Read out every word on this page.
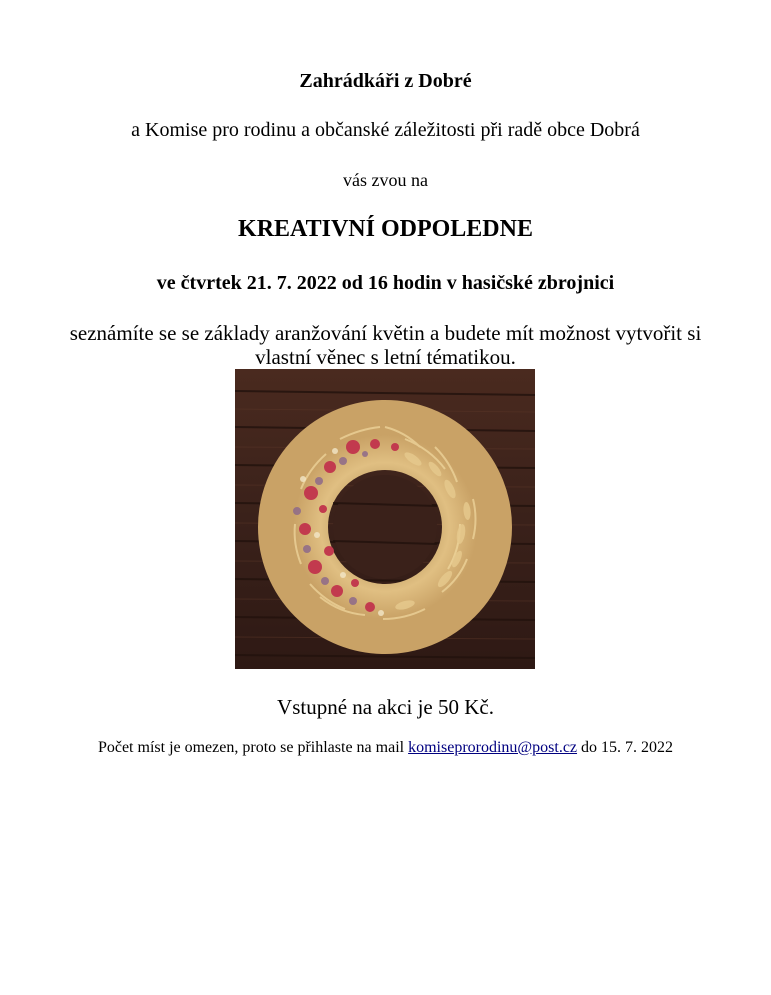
Zahrádkáři z Dobré

a Komise pro rodinu a občanské záležitosti při radě obce Dobrá

vás zvou na

KREATIVNÍ ODPOLEDNE

ve čtvrtek 21. 7. 2022 od 16 hodin v hasičské zbrojnici

seznámíte se se základy aranžování květin a budete mít možnost vytvořit si vlastní věnec s letní tématikou.

Vstupné na akci je 50 Kč.

Počet míst je omezen, proto se přihlaste na mail komiseprorodinu@post.cz do 15. 7. 2022
